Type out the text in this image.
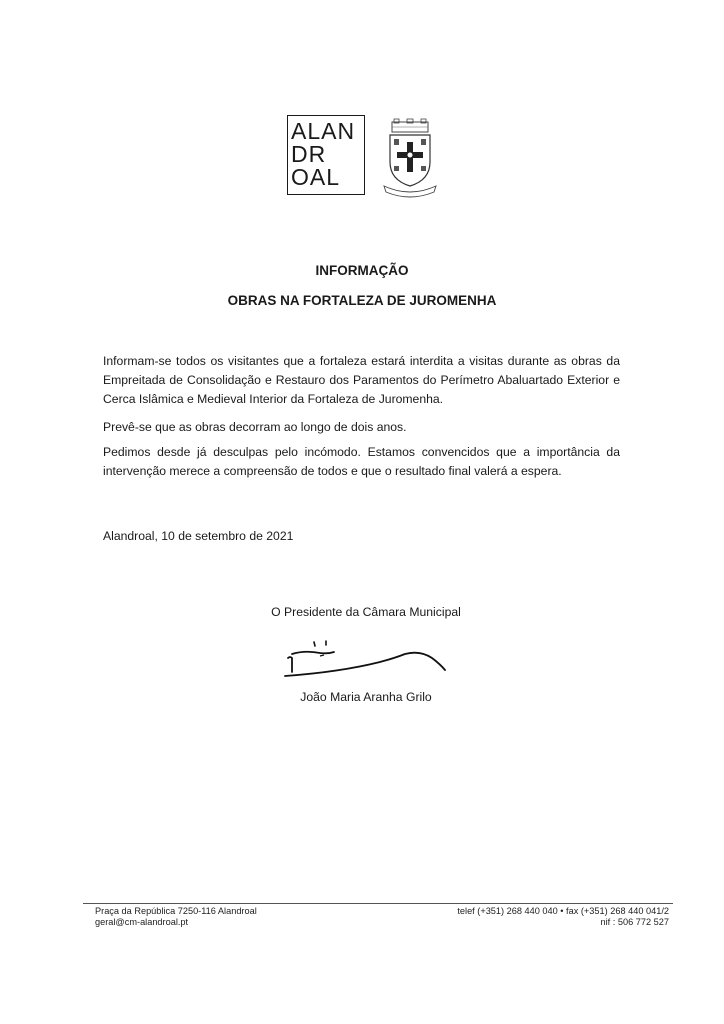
ALAN
DR
OAL
INFORMAÇÃO
OBRAS NA FORTALEZA DE JUROMENHA

Informam-se todos os visitantes que a fortaleza estará interdita a visitas durante as obras da Empreitada de Consolidação e Restauro dos Paramentos do Perímetro Abaluartado Exterior e Cerca Islâmica e Medieval Interior da Fortaleza de Juromenha.

Prevê-se que as obras decorram ao longo de dois anos.

Pedimos desde já desculpas pelo incómodo. Estamos convencidos que a importância da intervenção merece a compreensão de todos e que o resultado final valerá a espera.

Alandroal, 10 de setembro de 2021
O Presidente da Câmara Municipal
João Maria Aranha Grilo
Praça da República 7250-116 Alandroal
geral@cm-alandroal.pt
telef (+351) 268 440 040 • fax (+351) 268 440 041/2
nif : 506 772 527
